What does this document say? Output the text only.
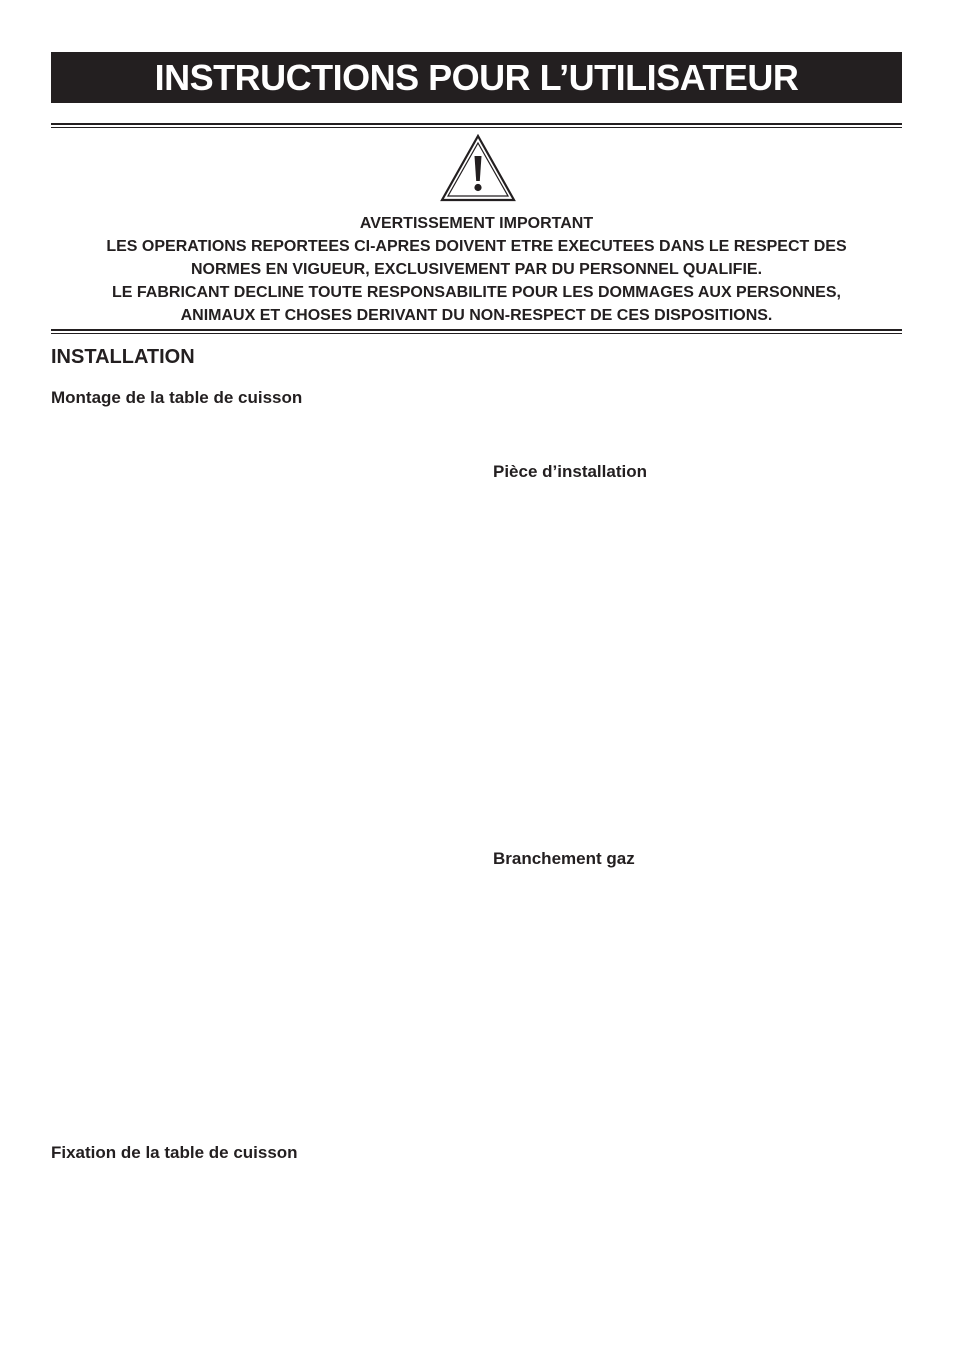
INSTRUCTIONS POUR L’UTILISATEUR
AVERTISSEMENT IMPORTANT
LES OPERATIONS REPORTEES CI-APRES DOIVENT ETRE EXECUTEES DANS LE RESPECT DES
NORMES EN VIGUEUR, EXCLUSIVEMENT PAR DU PERSONNEL QUALIFIE.
LE FABRICANT DECLINE TOUTE RESPONSABILITE POUR LES DOMMAGES AUX PERSONNES,
ANIMAUX ET CHOSES DERIVANT DU NON-RESPECT DE CES DISPOSITIONS.
INSTALLATION
Montage de la table de cuisson
Pièce d’installation
Branchement gaz
Fixation de la table de cuisson
